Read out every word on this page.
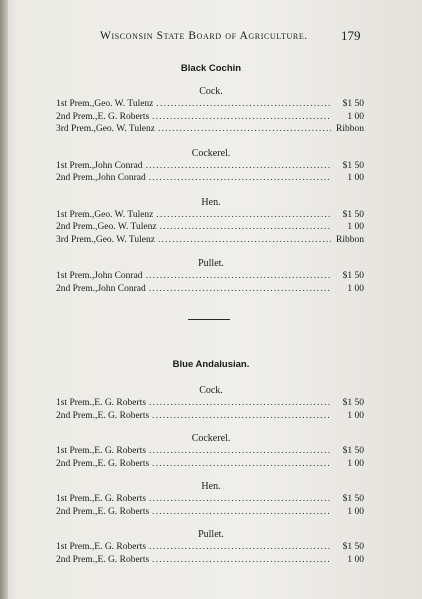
Wisconsin State Board of Agriculture.	179
Black Cochin
Cock.
1st Prem., Geo. W. Tulenz .....	$1 50
2nd Prem., E. G. Roberts .....	1 00
3rd Prem., Geo. W. Tulenz .....	Ribbon
Cockerel.
1st Prem., John Conrad .....	$1 50
2nd Prem., John Conrad .....	1 00
Hen.
1st Prem., Geo. W. Tulenz .....	$1 50
2nd Prem., Geo. W. Tulenz .....	1 00
3rd Prem., Geo. W. Tulenz .....	Ribbon
Pullet.
1st Prem., John Conrad .....	$1 50
2nd Prem., John Conrad .....	1 00
Blue Andalusian.
Cock.
1st Prem., E. G. Roberts .....	$1 50
2nd Prem., E. G. Roberts .....	1 00
Cockerel.
1st Prem., E. G. Roberts .....	$1 50
2nd Prem., E. G. Roberts .....	1 00
Hen.
1st Prem., E. G. Roberts .....	$1 50
2nd Prem., E. G. Roberts .....	1 00
Pullet.
1st Prem., E. G. Roberts .....	$1 50
2nd Prem., E. G. Roberts .....	1 00
